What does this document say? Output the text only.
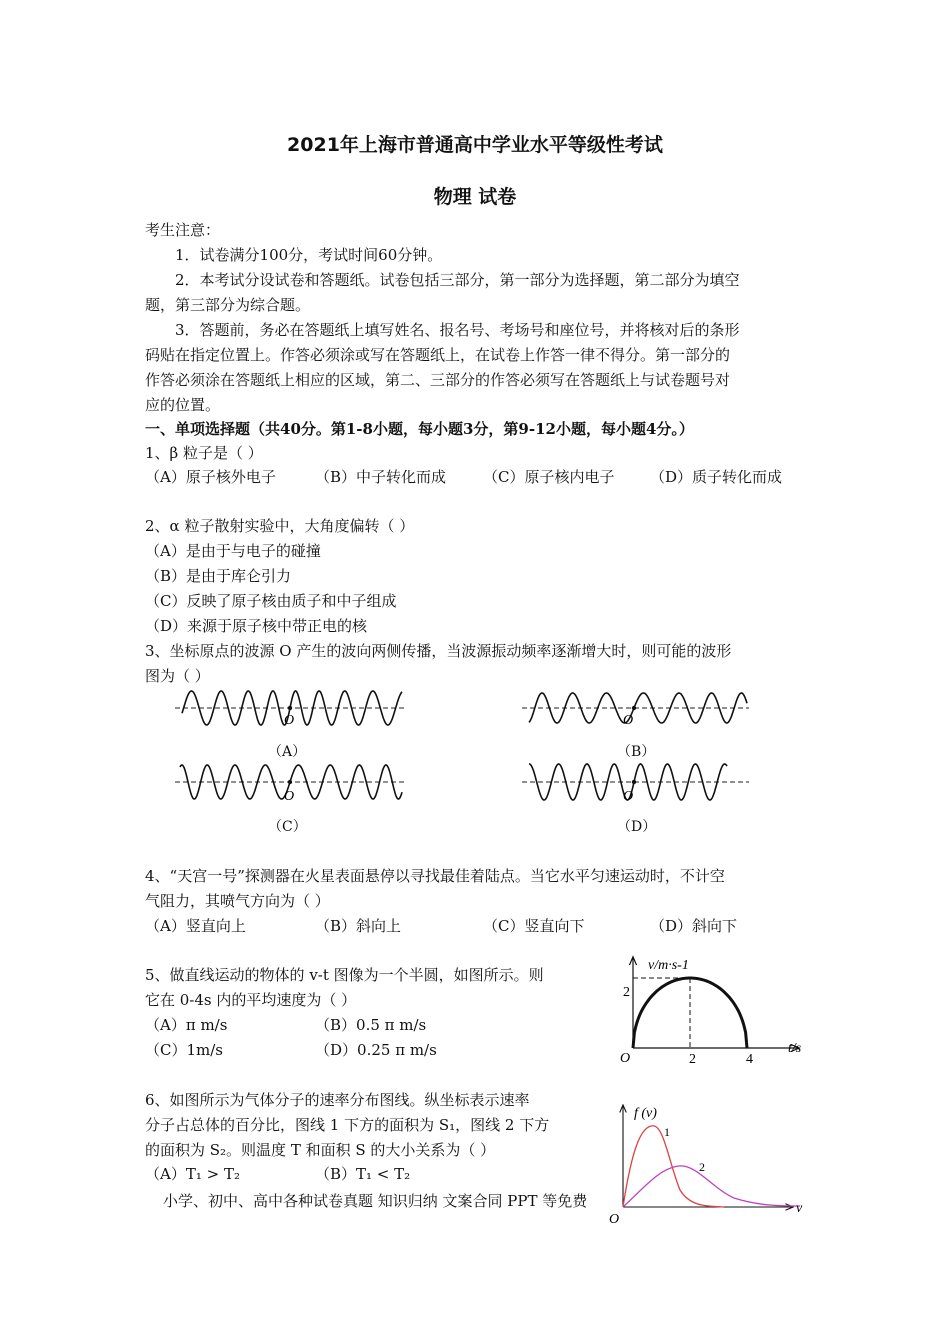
2021年上海市普通高中学业水平等级性考试
物理 试卷
考生注意：
1．试卷满分100分，考试时间60分钟。
2．本考试分设试卷和答题纸。试卷包括三部分，第一部分为选择题，第二部分为填空
题，第三部分为综合题。
3．答题前，务必在答题纸上填写姓名、报名号、考场号和座位号，并将核对后的条形
码贴在指定位置上。作答必须涂或写在答题纸上，在试卷上作答一律不得分。第一部分的
作答必须涂在答题纸上相应的区域，第二、三部分的作答必须写在答题纸上与试卷题号对
应的位置。
一、单项选择题（共40分。第1-8小题，每小题3分，第9-12小题，每小题4分。）
1、β 粒子是（ ）
（A）原子核外电子	（B）中子转化而成 （C）原子核内电子 （D）质子转化而成
2、α 粒子散射实验中，大角度偏转（ ）
（A）是由于与电子的碰撞
（B）是由于库仑引力
（C）反映了原子核由质子和中子组成
（D）来源于原子核中带正电的核
3、坐标原点的波源 O 产生的波向两侧传播，当波源振动频率逐渐增大时，则可能的波形
图为（ ）
O	O
（A）	（B）
O	O
（C）	（D）
4、“天宫一号”探测器在火星表面悬停以寻找最佳着陆点。当它水平匀速运动时，不计空
气阻力，其喷气方向为（ ）
（A）竖直向上	（B）斜向上	（C）竖直向下	（D）斜向下
5、做直线运动的物体的 v-t 图像为一个半圆，如图所示。则
它在 0-4s 内的平均速度为（ ）
（A）π m/s	（B）0.5 π m/s
（C）1m/s	（D）0.25 π m/s
v/m·s-1
t/s
O
2
2	4
6、如图所示为气体分子的速率分布图线。纵坐标表示速率
分子占总体的百分比，图线 1 下方的面积为 S₁，图线 2 下方
的面积为 S₂。则温度 T 和面积 S 的大小关系为（ ）
（A）T₁ > T₂	（B）T₁ < T₂
小学、初中、高中各种试卷真题 知识归纳 文案合同 PPT 等免费
f (v)
1
2
O
v
